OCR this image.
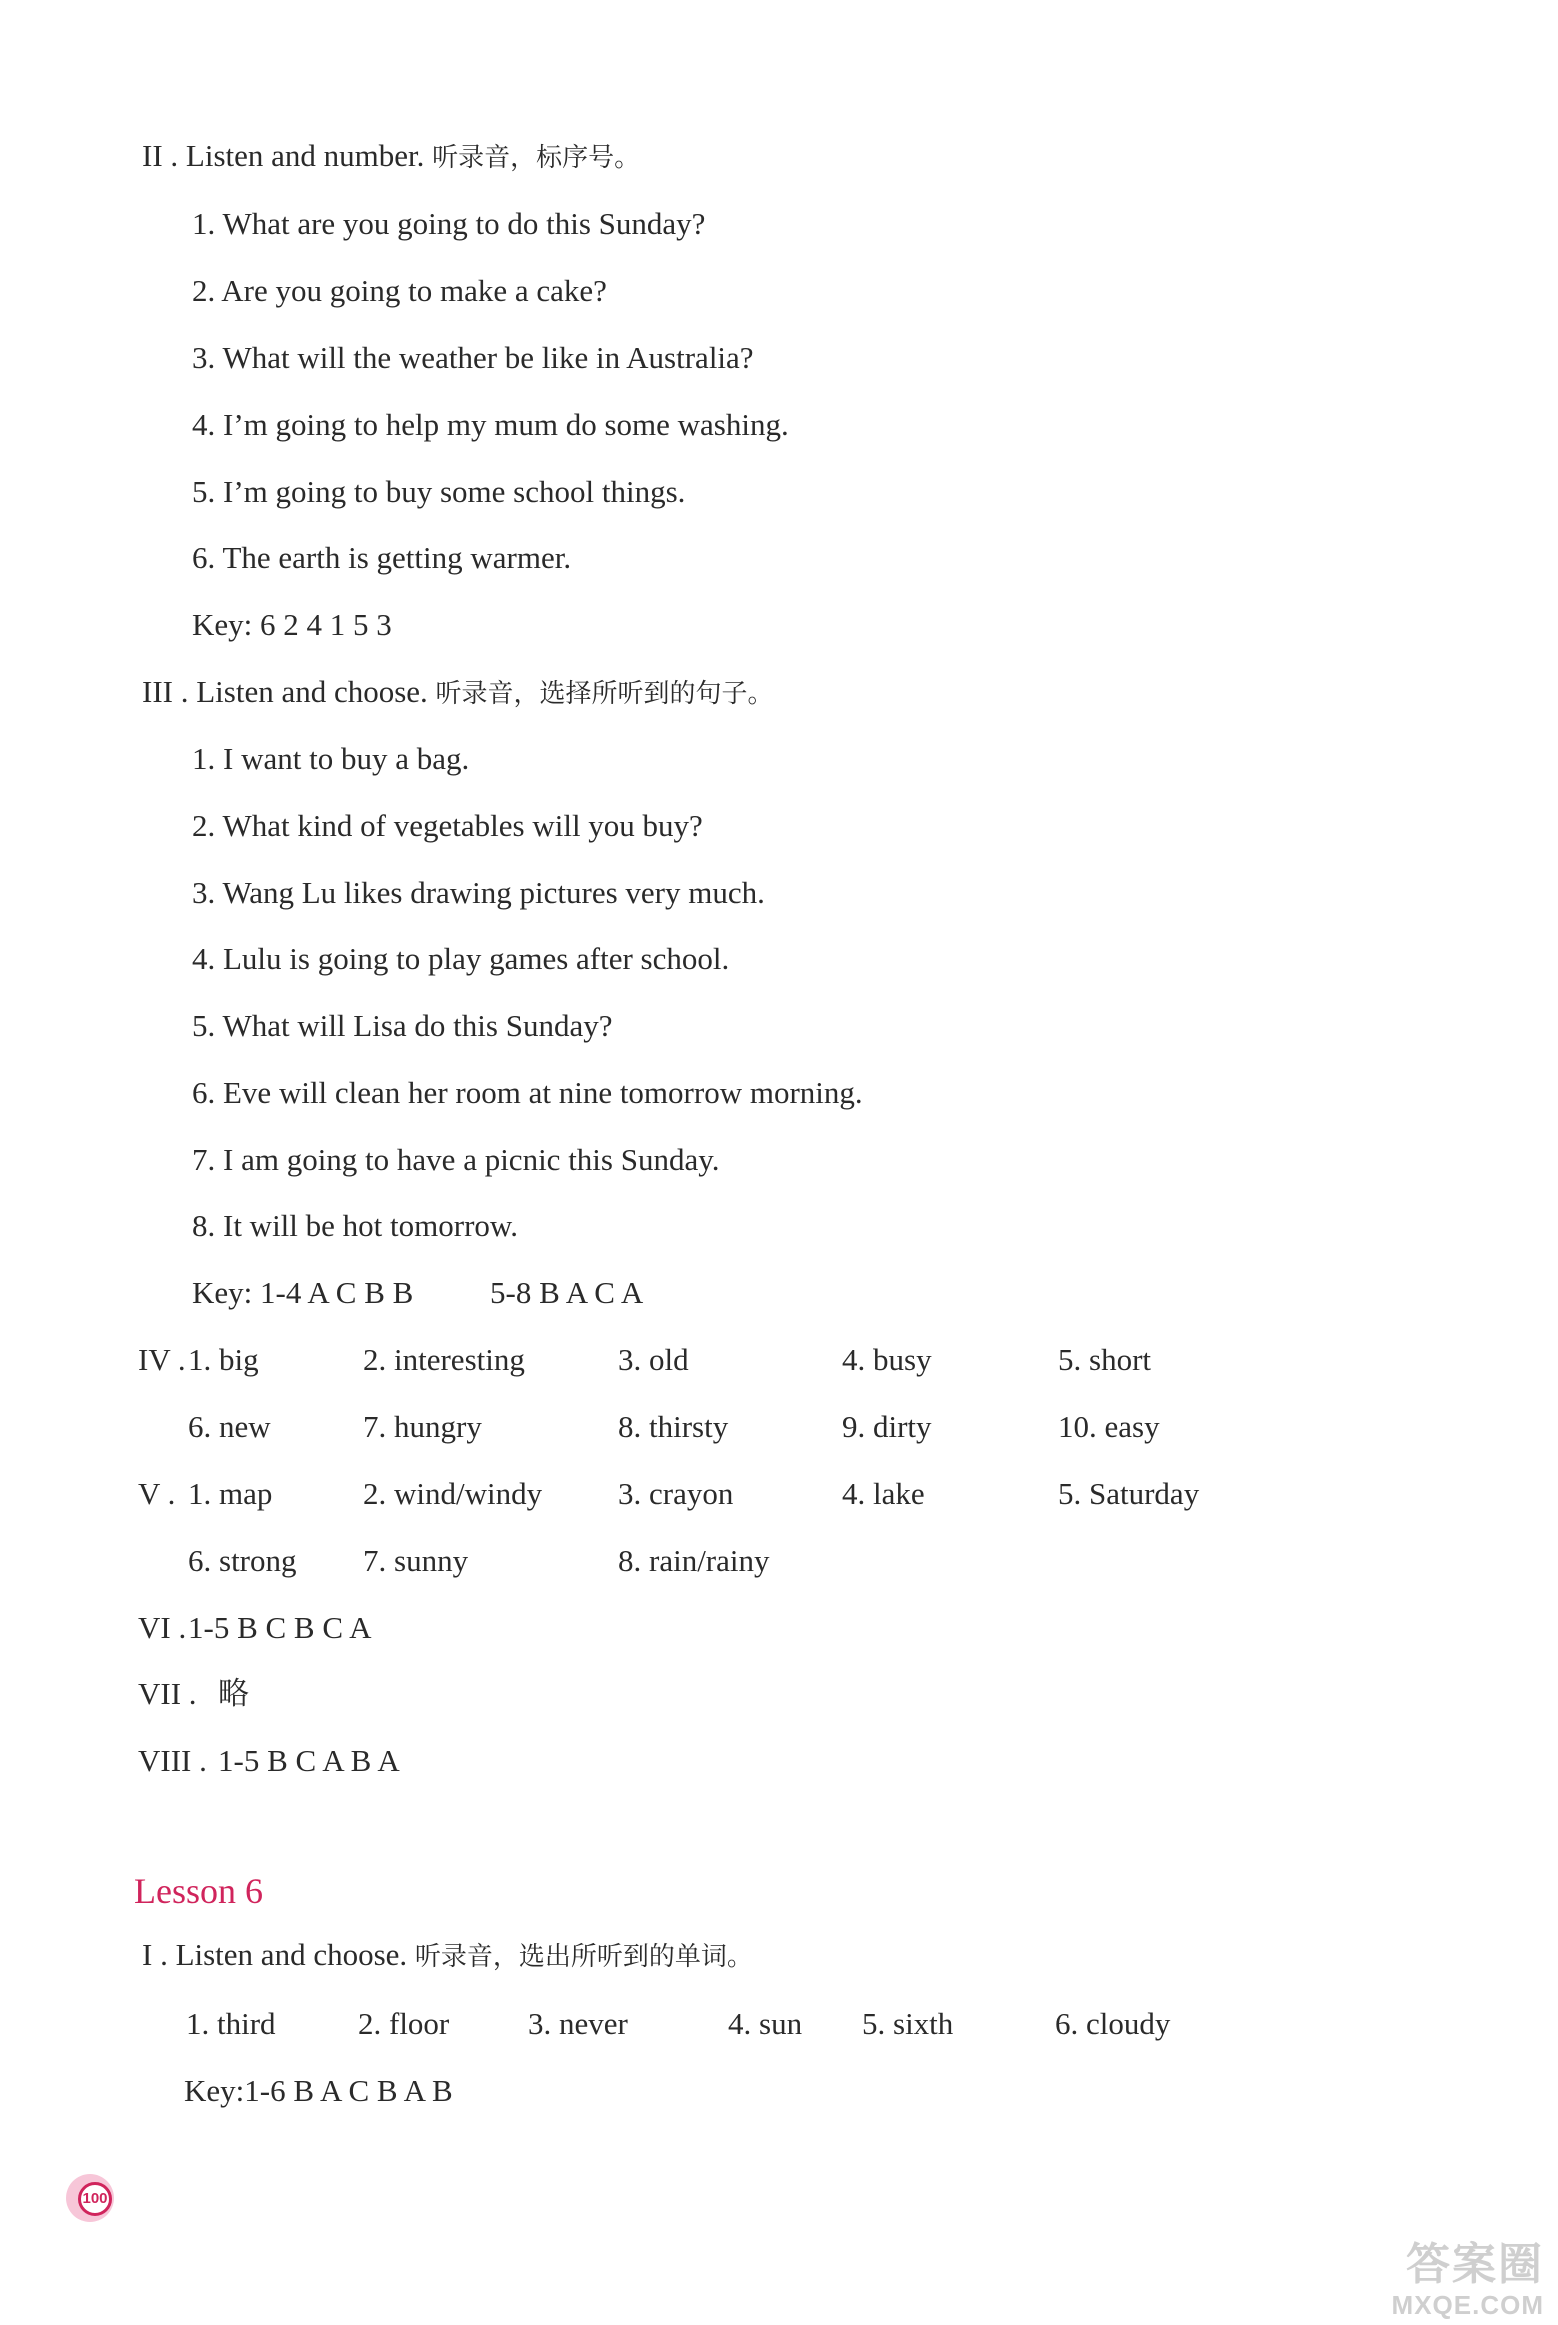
II . Listen and number. 听录音，标序号。
1. What are you going to do this Sunday?
2. Are you going to make a cake?
3. What will the weather be like in Australia?
4. I’m going to help my mum do some washing.
5. I’m going to buy some school things.
6. The earth is getting warmer.
Key: 6 2 4 1 5 3
III . Listen and choose. 听录音，选择所听到的句子。
1. I want to buy a bag.
2. What kind of vegetables will you buy?
3. Wang Lu likes drawing pictures very much.
4. Lulu is going to play games after school.
5. What will Lisa do this Sunday?
6. Eve will clean her room at nine tomorrow morning.
7. I am going to have a picnic this Sunday.
8. It will be hot tomorrow.
Key: 1-4 A C B B 5-8 B A C A
IV . 1. big	2. interesting	3. old	4. busy	5. short
6. new	7. hungry	8. thirsty	9. dirty	10. easy
V . 1. map	2. wind/windy 3. crayon	4. lake	5. Saturday
6. strong 7. sunny	8. rain/rainy
VI . 1-5 B C B C A
VII . 略
VIII . 1-5 B C A B A
Lesson 6
I . Listen and choose. 听录音，选出所听到的单词。
1. third	2. floor	3. never	4. sun 5. sixth	6. cloudy
Key:1-6 B A C B A B
100
答案圈
MXQE.COM
